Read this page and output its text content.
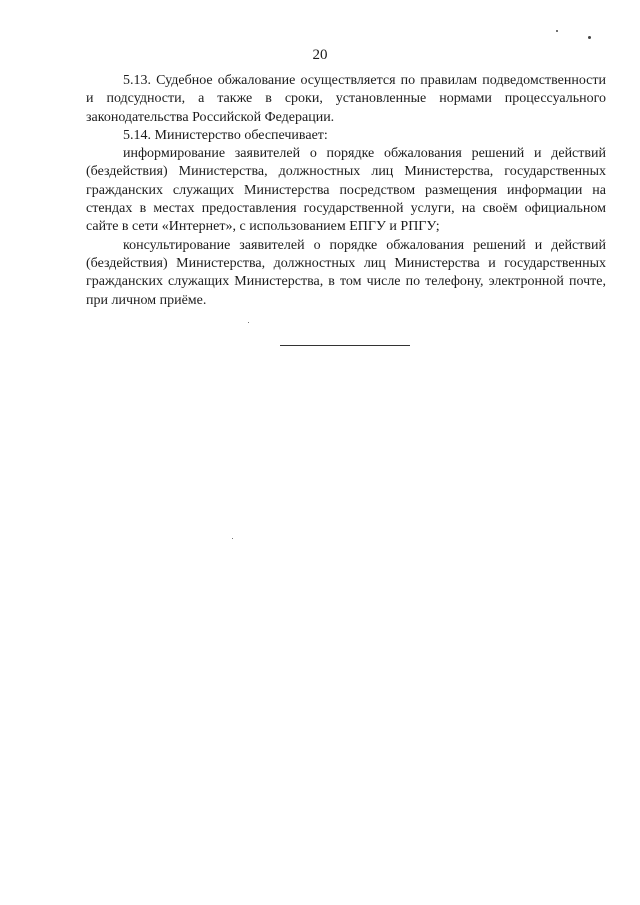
20

5.13. Судебное обжалование осуществляется по правилам подведомственности и подсудности, а также в сроки, установленные нормами процессуального законодательства Российской Федерации.

5.14. Министерство обеспечивает:

информирование заявителей о порядке обжалования решений и действий (бездействия) Министерства, должностных лиц Министерства, государственных гражданских служащих Министерства посредством размещения информации на стендах в местах предоставления государственной услуги, на своём официальном сайте в сети «Интернет», с использованием ЕПГУ и РПГУ;

консультирование заявителей о порядке обжалования решений и действий (бездействия) Министерства, должностных лиц Министерства и государственных гражданских служащих Министерства, в том числе по телефону, электронной почте, при личном приёме.
